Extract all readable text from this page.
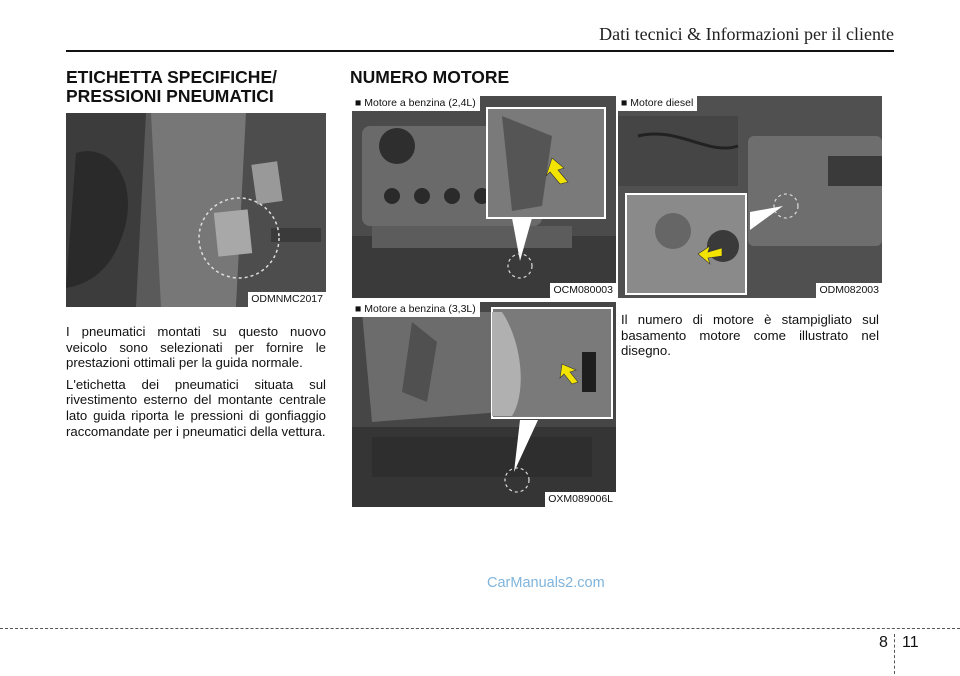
Dati tecnici & Informazioni per il cliente
ETICHETTA SPECIFICHE/
PRESSIONI PNEUMATICI
ODMNMC2017

I pneumatici montati su questo nuovo veicolo sono selezionati per fornire le prestazioni ottimali per la guida normale.

L'etichetta dei pneumatici situata sul rivestimento esterno del montante centrale lato guida riporta le pressioni di gonfiaggio raccomandate per i pneumatici della vettura.

NUMERO MOTORE
■ Motore a benzina (2,4L)
OCM080003
■ Motore diesel
ODM082003
■ Motore a benzina (3,3L)
OXM089006L

Il numero di motore è stampigliato sul basamento motore come illustrato nel disegno.

CarManuals2.com
8 11
